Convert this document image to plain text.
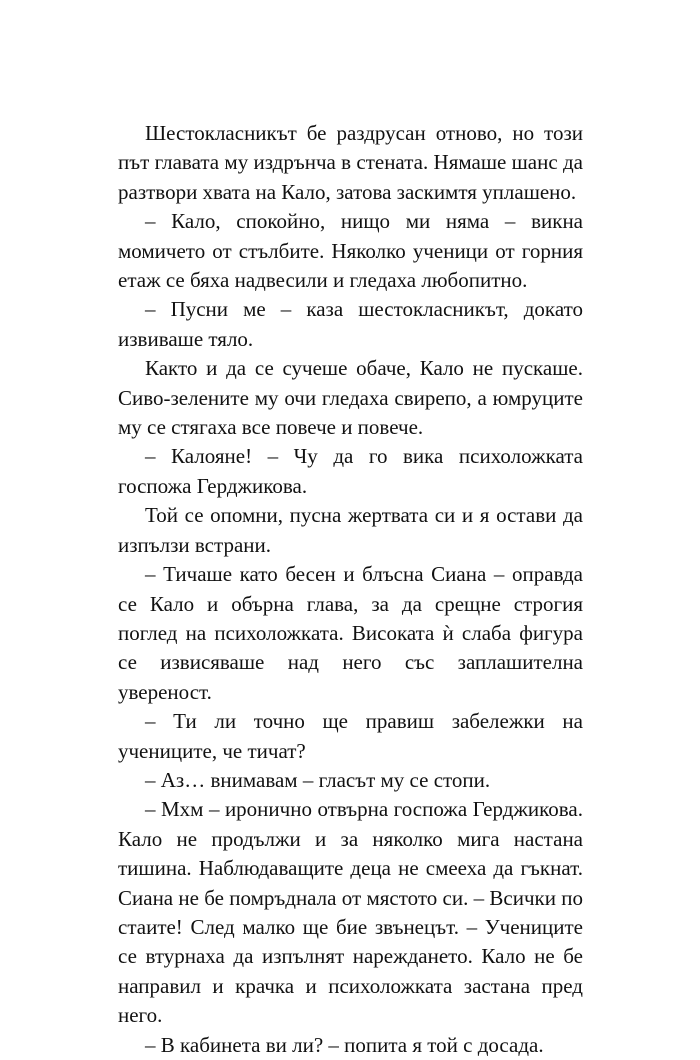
Шестокласникът бе раздрусан отново, но този път главата му издрънча в стената. Нямаше шанс да разтвори хвата на Кало, затова заскимтя уплашено.

– Кало, спокойно, нищо ми няма – викна момичето от стълбите. Няколко ученици от горния етаж се бяха надвесили и гледаха любопитно.

– Пусни ме – каза шестокласникът, докато извиваше тяло.

Както и да се сучеше обаче, Кало не пускаше. Сиво-зелените му очи гледаха свирепо, а юмруците му се стягаха все повече и повече.

– Калояне! – Чу да го вика психоложката госпожа Герджикова.

Той се опомни, пусна жертвата си и я остави да изпълзи встрани.

– Тичаше като бесен и блъсна Сиана – оправда се Кало и обърна глава, за да срещне строгия поглед на психоложката. Високата ѝ слаба фигура се извисяваше над него със заплашителна увереност.

– Ти ли точно ще правиш забележки на учениците, че тичат?

– Аз… внимавам – гласът му се стопи.

– Мхм – иронично отвърна госпожа Герджикова. Кало не продължи и за няколко мига настана тишина. Наблюдаващите деца не смееха да гъкнат. Сиана не бе помръднала от мястото си. – Всички по стаите! След малко ще бие звънецът. – Учениците се втурнаха да изпълнят нареждането. Кало не бе направил и крачка и психоложката застана пред него.

– В кабинета ви ли? – попита я той с досада.
